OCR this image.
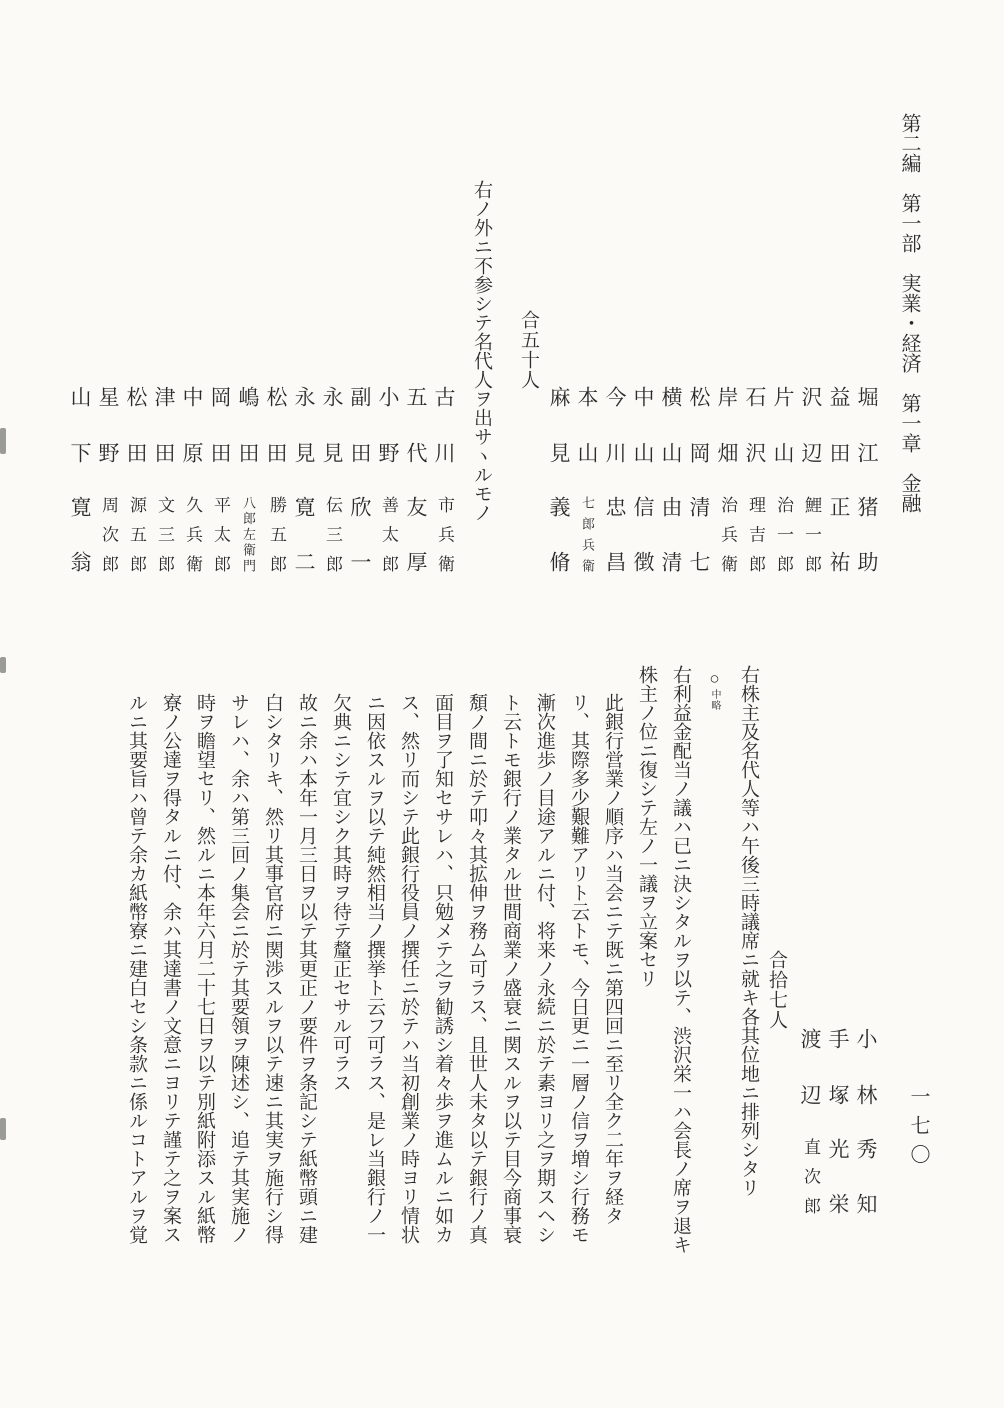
第二編　第一部　実業・経済　第一章　金融
堀江猪助
益田正祐
沢辺鯉一郎
片山治一郎
石沢理吉郎
岸畑治兵衛
松岡清七
横山由清
中山信徴
今川忠昌
本山七郎兵衛
麻見義脩
合五十人
右ノ外ニ不参シテ名代人ヲ出サヽルモノ
古川市兵衛
五代友厚
小野善太郎
副田欣一
永見伝三郎
永見寛二
松田勝五郎
嶋田八郎左衛門
岡田平太郎
中原久兵衛
津田文三郎
松田源五郎
星野周次郎
山下寛翁
小林秀知
手塚光栄
渡辺直次郎
合拾七人
右株主及名代人等ハ午後三時議席ニ就キ各其位地ニ排列シタリ
○中略
右利益金配当ノ議ハ已ニ決シタルヲ以テ、渋沢栄一ハ会長ノ席ヲ退キ
株主ノ位ニ復シテ左ノ一議ヲ立案セリ
此銀行営業ノ順序ハ当会ニテ既ニ第四回ニ至リ全ク二年ヲ経タ
リ、其際多少艱難アリト云トモ、今日更ニ一層ノ信ヲ増シ行務モ
漸次進歩ノ目途アルニ付、将来ノ永続ニ於テ素ヨリ之ヲ期スヘシ
ト云トモ銀行ノ業タル世間商業ノ盛衰ニ関スルヲ以テ目今商事衰
頽ノ間ニ於テ叩々其拡伸ヲ務ム可ラス、且世人未タ以テ銀行ノ真
面目ヲ了知セサレハ、只勉メテ之ヲ勧誘シ着々歩ヲ進ムルニ如カ
ス、然リ而シテ此銀行役員ノ撰任ニ於テハ当初創業ノ時ヨリ情状
ニ因依スルヲ以テ純然相当ノ撰挙ト云フ可ラス、是レ当銀行ノ一
欠典ニシテ宜シク其時ヲ待テ釐正セサル可ラス
故ニ余ハ本年一月三日ヲ以テ其更正ノ要件ヲ条記シテ紙幣頭ニ建
白シタリキ、然リ其事官府ニ関渉スルヲ以テ速ニ其実ヲ施行シ得
サレハ、余ハ第三回ノ集会ニ於テ其要領ヲ陳述シ、追テ其実施ノ
時ヲ瞻望セリ、然ルニ本年六月二十七日ヲ以テ別紙附添スル紙幣
寮ノ公達ヲ得タルニ付、余ハ其達書ノ文意ニヨリテ謹テ之ヲ案ス
ルニ其要旨ハ曾テ余カ紙幣寮ニ建白セシ条款ニ係ルコトアルヲ覚	一七〇
